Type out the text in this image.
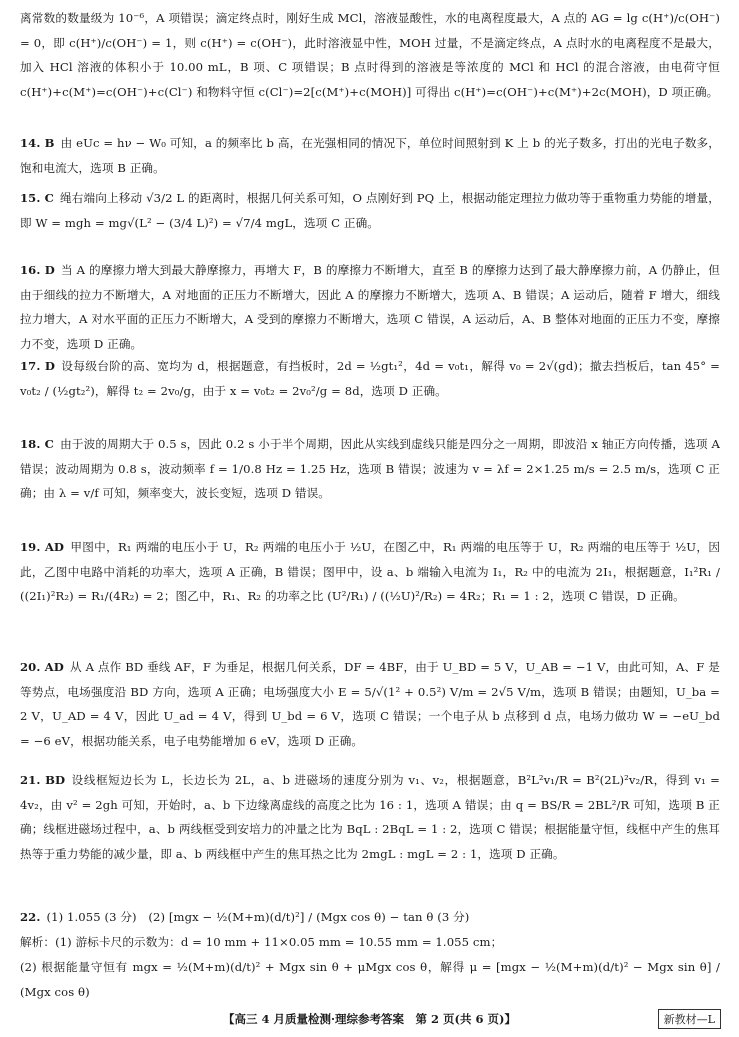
离常数的数量级为 10⁻⁶，A 项错误；滴定终点时，刚好生成 MCl，溶液显酸性，水的电离程度最大，A 点的 AG = lg c(H⁺)/c(OH⁻) = 0，即 c(H⁺)/c(OH⁻) = 1，则 c(H⁺) = c(OH⁻)，此时溶液显中性，MOH 过量，不是滴定终点，A 点时水的电离程度不是最大，加入 HCl 溶液的体积小于 10.00 mL，B 项、C 项错误；B 点时得到的溶液是等浓度的 MCl 和 HCl 的混合溶液，由电荷守恒 c(H⁺)+c(M⁺)=c(OH⁻)+c(Cl⁻) 和物料守恒 c(Cl⁻)=2[c(M⁺)+c(MOH)] 可得出 c(H⁺)=c(OH⁻)+c(M⁺)+2c(MOH)，D 项正确。
14. B 由 eUc = hν − W₀ 可知，a 的频率比 b 高，在光强相同的情况下，单位时间照射到 K 上 b 的光子数多，打出的光电子数多，饱和电流大，选项 B 正确。
15. C 绳右端向上移动 √3/2 L 的距离时，根据几何关系可知，O 点刚好到 PQ 上，根据动能定理拉力做功等于重物重力势能的增量，即 W = mgh = mg√(L² − (3/4 L)²) = √7/4 mgL，选项 C 正确。
16. D 当 A 的摩擦力增大到最大静摩擦力，再增大 F，B 的摩擦力不断增大，直至 B 的摩擦力达到了最大静摩擦力前，A 仍静止，但由于细线的拉力不断增大，A 对地面的正压力不断增大，因此 A 的摩擦力不断增大，选项 A、B 错误；A 运动后，随着 F 增大，细线拉力增大，A 对水平面的正压力不断增大，A 受到的摩擦力不断增大，选项 C 错误，A 运动后，A、B 整体对地面的正压力不变，摩擦力不变，选项 D 正确。
17. D 设每级台阶的高、宽均为 d，根据题意，有挡板时，2d = ½gt₁²，4d = v₀t₁，解得 v₀ = 2√(gd)；撤去挡板后，tan 45° = v₀t₂ / (½gt₂²)，解得 t₂ = 2v₀/g，由于 x = v₀t₂ = 2v₀²/g = 8d，选项 D 正确。
18. C 由于波的周期大于 0.5 s，因此 0.2 s 小于半个周期，因此从实线到虚线只能是四分之一周期，即波沿 x 轴正方向传播，选项 A 错误；波动周期为 0.8 s，波动频率 f = 1/0.8 Hz = 1.25 Hz，选项 B 错误；波速为 v = λf = 2×1.25 m/s = 2.5 m/s，选项 C 正确；由 λ = v/f 可知，频率变大，波长变短，选项 D 错误。
19. AD 甲图中，R₁ 两端的电压小于 U，R₂ 两端的电压小于 ½U，在图乙中，R₁ 两端的电压等于 U，R₂ 两端的电压等于 ½U，因此，乙图中电路中消耗的功率大，选项 A 正确，B 错误；图甲中，设 a、b 端输入电流为 I₁，R₂ 中的电流为 2I₁，根据题意，I₁²R₁ / ((2I₁)²R₂) = R₁/(4R₂) = 2；图乙中，R₁、R₂ 的功率之比 (U²/R₁) / ((½U)²/R₂) = 4R₂；R₁ = 1 : 2，选项 C 错误，D 正确。
20. AD 从 A 点作 BD 垂线 AF，F 为垂足，根据几何关系，DF = 4BF，由于 U_BD = 5 V，U_AB = −1 V，由此可知，A、F 是等势点，电场强度沿 BD 方向，选项 A 正确；电场强度大小 E = 5/√(1² + 0.5²) V/m = 2√5 V/m，选项 B 错误；由题知，U_ba = 2 V，U_AD = 4 V，因此 U_ad = 4 V，得到 U_bd = 6 V，选项 C 错误；一个电子从 b 点移到 d 点，电场力做功 W = −eU_bd = −6 eV，根据功能关系，电子电势能增加 6 eV，选项 D 正确。
21. BD 设线框短边长为 L，长边长为 2L，a、b 进磁场的速度分别为 v₁、v₂，根据题意，B²L²v₁/R = B²(2L)²v₂/R，得到 v₁ = 4v₂，由 v² = 2gh 可知，开始时，a、b 下边缘离虚线的高度之比为 16 : 1，选项 A 错误；由 q = BS/R = 2BL²/R 可知，选项 B 正确；线框进磁场过程中，a、b 两线框受到安培力的冲量之比为 BqL : 2BqL = 1 : 2，选项 C 错误；根据能量守恒，线框中产生的焦耳热等于重力势能的减少量，即 a、b 两线框中产生的焦耳热之比为 2mgL : mgL = 2 : 1，选项 D 正确。
22. (1) 1.055 (3 分)　(2) [mgx − ½(M+m)(d/t)²] / (Mgx cos θ) − tan θ (3 分)
解析：(1) 游标卡尺的示数为：d = 10 mm + 11×0.05 mm = 10.55 mm = 1.055 cm；
(2) 根据能量守恒有 mgx = ½(M+m)(d/t)² + Mgx sin θ + μMgx cos θ，解得 μ = [mgx − ½(M+m)(d/t)² − Mgx sin θ] / (Mgx cos θ)
【高三 4 月质量检测·理综参考答案　第 2 页(共 6 页)】	新教材—L
